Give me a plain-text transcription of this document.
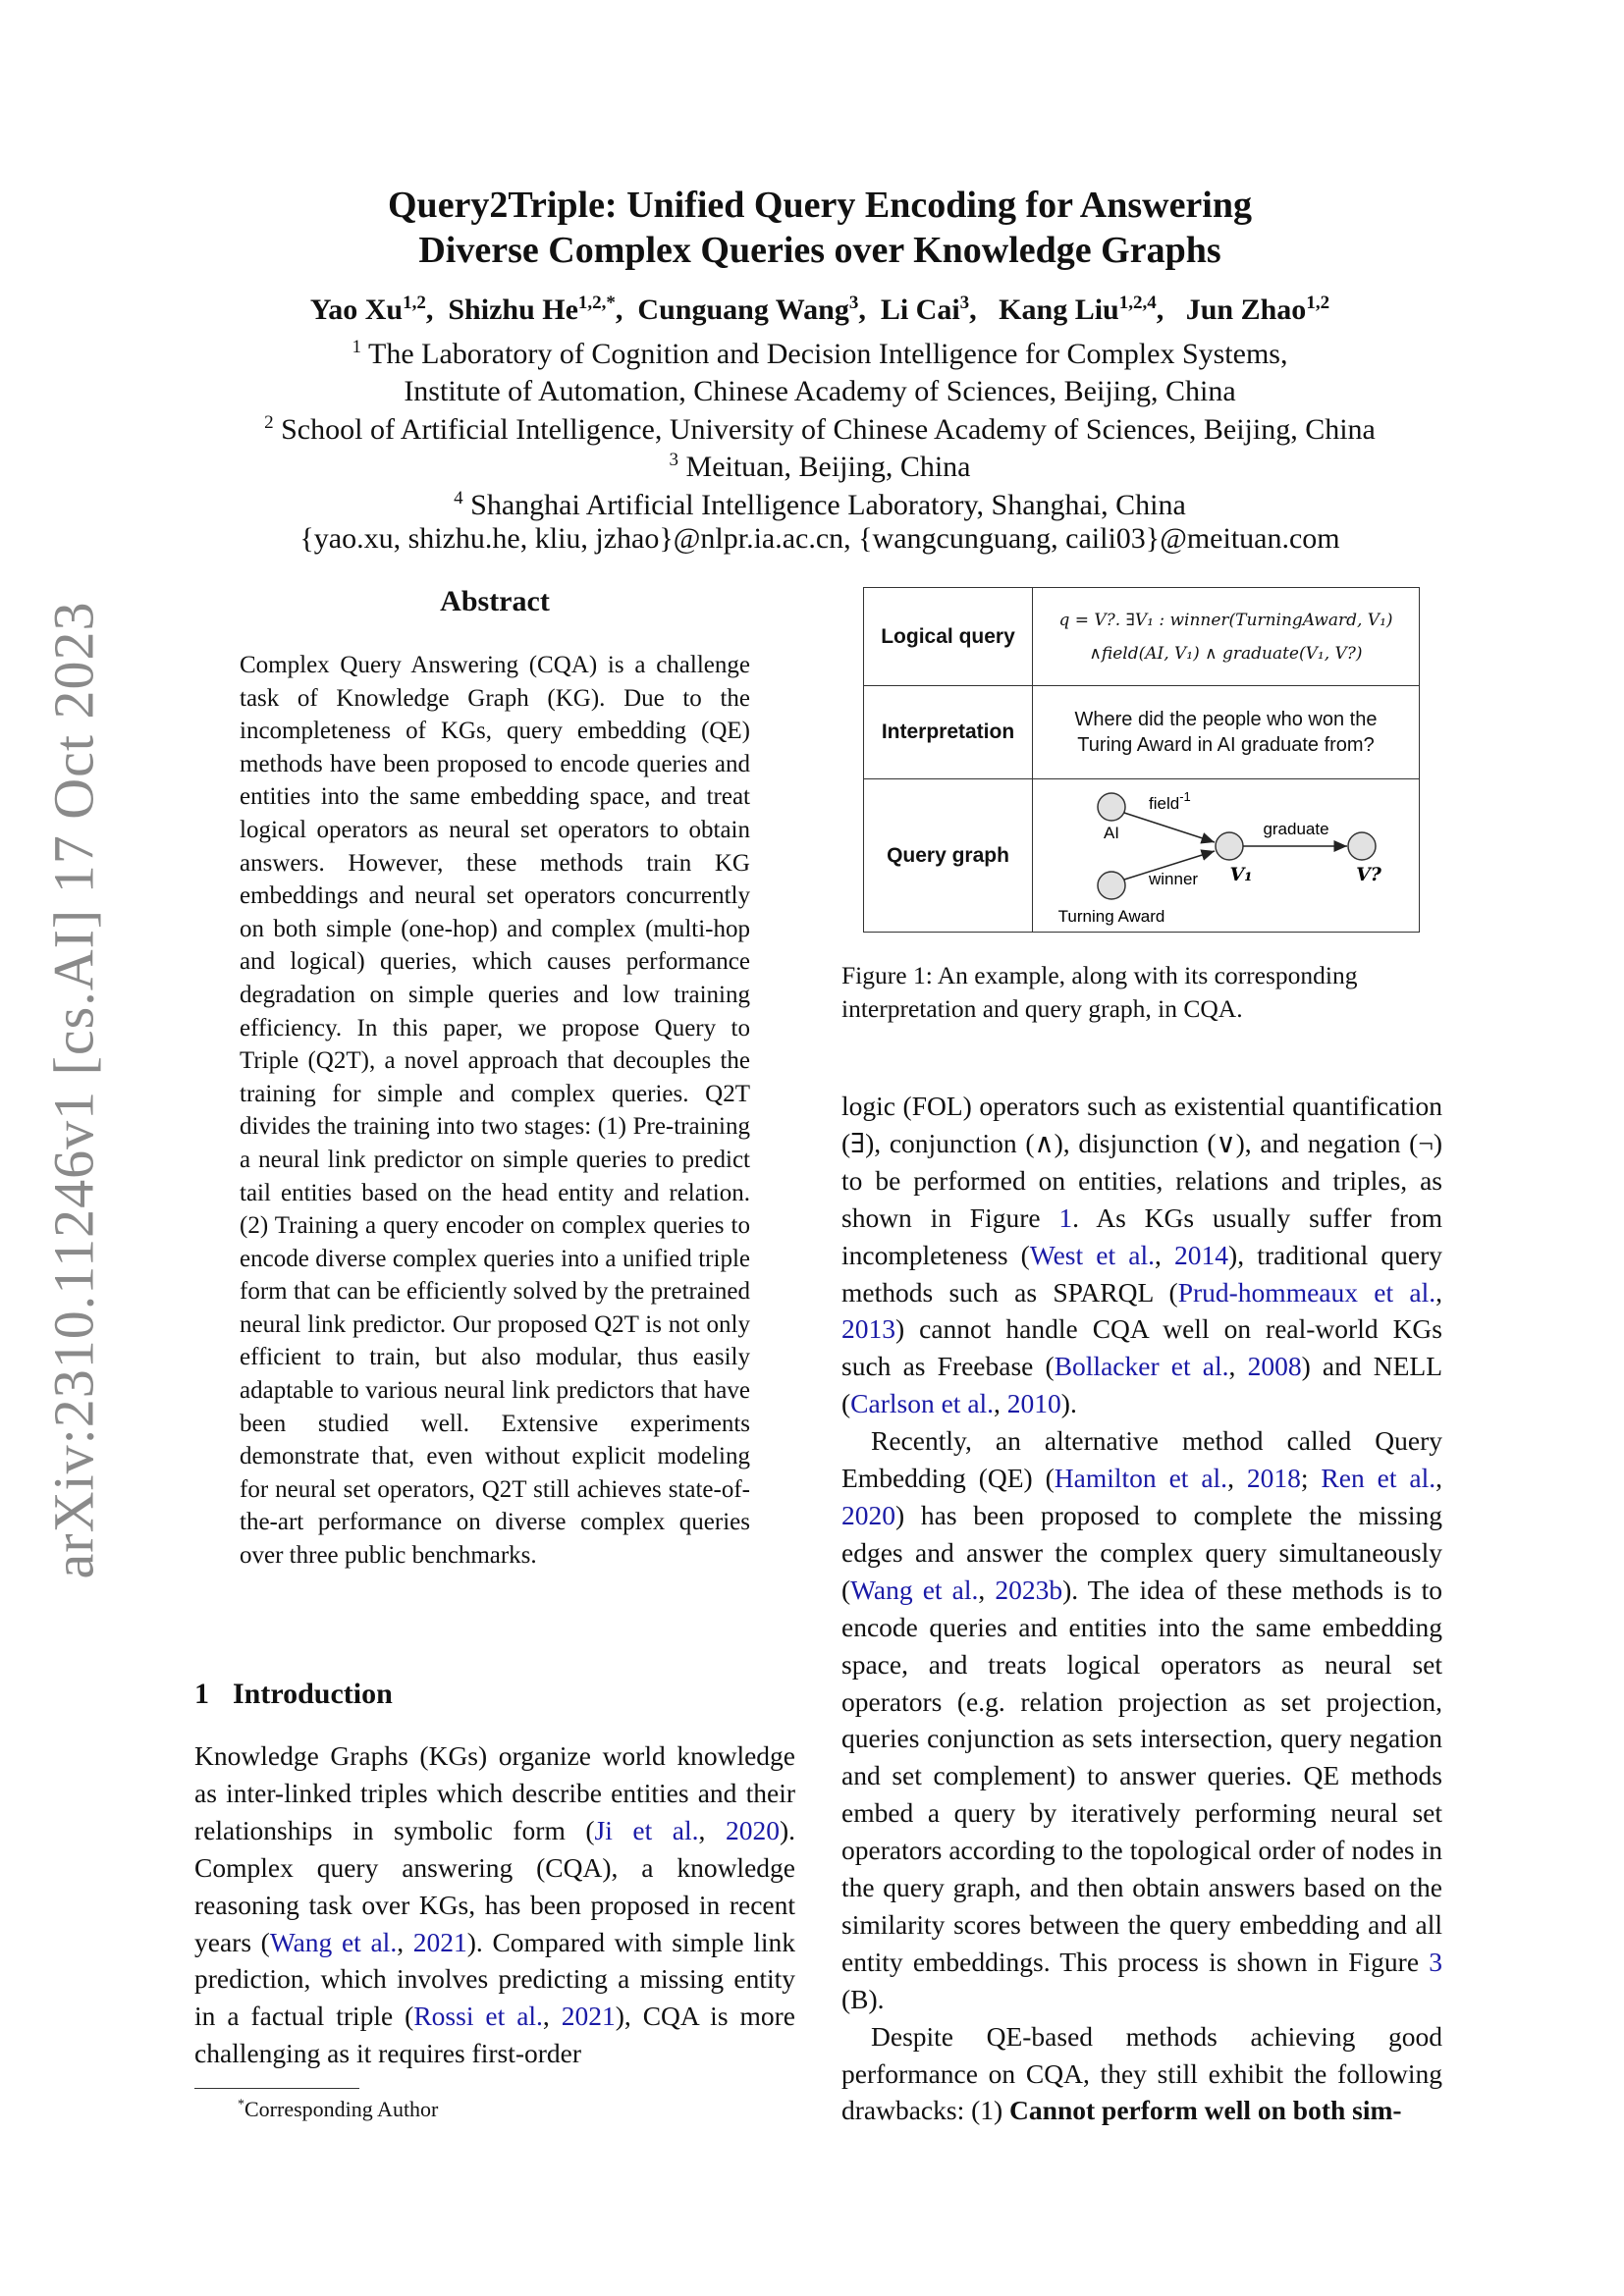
arXiv:2310.11246v1 [cs.AI] 17 Oct 2023
Query2Triple: Unified Query Encoding for Answering
Diverse Complex Queries over Knowledge Graphs
Yao Xu$^{1,2}$,  Shizhu $He^{1,2,*}$,  Cunguang Wang$^3$,  Li Cai$^3$,   Kang Liu$^{1,2,4}$,   Jun Zhao$^{1,2}$
$^1$ The Laboratory of Cognition and Decision Intelligence for Complex Systems,
Institute of Automation, Chinese Academy of Sciences, Beijing, China
$^2$ School of Artificial Intelligence, University of Chinese Academy of Sciences, Beijing, China
$^3$ Meituan, Beijing, China
$^4$ Shanghai Artificial Intelligence Laboratory, Shanghai, China
{yao.xu, shizhu.he, kliu, jzhao}@nlpr.ia.ac.cn, {wangcunguang, caili03}@meituan.com
Abstract
Complex Query Answering (CQA) is a challenge task of Knowledge Graph (KG). Due to the incompleteness of KGs, query embedding (QE) methods have been proposed to encode queries and entities into the same embedding space, and treat logical operators as neural set operators to obtain answers. However, these methods train KG embeddings and neural set operators concurrently on both simple (one-hop) and complex (multi-hop and logical) queries, which causes performance degradation on simple queries and low training efficiency. In this paper, we propose Query to Triple (Q2T), a novel approach that decouples the training for simple and complex queries. Q2T divides the training into two stages: (1) Pre-training a neural link predictor on simple queries to predict tail entities based on the head entity and relation. (2) Training a query encoder on complex queries to encode diverse complex queries into a unified triple form that can be efficiently solved by the pretrained neural link predictor. Our proposed Q2T is not only efficient to train, but also modular, thus easily adaptable to various neural link predictors that have been studied well. Extensive experiments demonstrate that, even without explicit modeling for neural set operators, Q2T still achieves state-of-the-art performance on diverse complex queries over three public benchmarks.
1 Introduction

Knowledge Graphs (KGs) organize world knowledge as inter-linked triples which describe entities and their relationships in symbolic form (Ji et al., 2020). Complex query answering (CQA), a knowledge reasoning task over KGs, has been proposed in recent years (Wang et al., 2021). Compared with simple link prediction, which involves predicting a missing entity in a factual triple (Rossi et al., 2021), CQA is more challenging as it requires first-order

Logical query
q = V?. ∃V₁ : winner(TurningAward, V₁)
∧field(AI, V₁) ∧ graduate(V₁, V?)
Interpretation
Where did the people who won the
Turing Award in AI graduate from?
Query graph
AI
Turning Award
V₁	V?
field$^{-1}$
winner
graduate
Figure 1: An example, along with its corresponding interpretation and query graph, in CQA.

logic (FOL) operators such as existential quantification (∃), conjunction (∧), disjunction (∨), and negation (¬) to be performed on entities, relations and triples, as shown in Figure 1. As KGs usually suffer from incompleteness (West et al., 2014), traditional query methods such as SPARQL (Prud-hommeaux et al., 2013) cannot handle CQA well on real-world KGs such as Freebase (Bollacker et al., 2008) and NELL (Carlson et al., 2010).

Recently, an alternative method called Query Embedding (QE) (Hamilton et al., 2018; Ren et al., 2020) has been proposed to complete the missing edges and answer the complex query simultaneously (Wang et al., 2023b). The idea of these methods is to encode queries and entities into the same embedding space, and treats logical operators as neural set operators (e.g. relation projection as set projection, queries conjunction as sets intersection, query negation and set complement) to answer queries. QE methods embed a query by iteratively performing neural set operators according to the topological order of nodes in the query graph, and then obtain answers based on the similarity scores between the query embedding and all entity embeddings. This process is shown in Figure 3 (B).

Despite QE-based methods achieving good performance on CQA, they still exhibit the following drawbacks: (1) Cannot perform well on both sim-

*Corresponding Author
